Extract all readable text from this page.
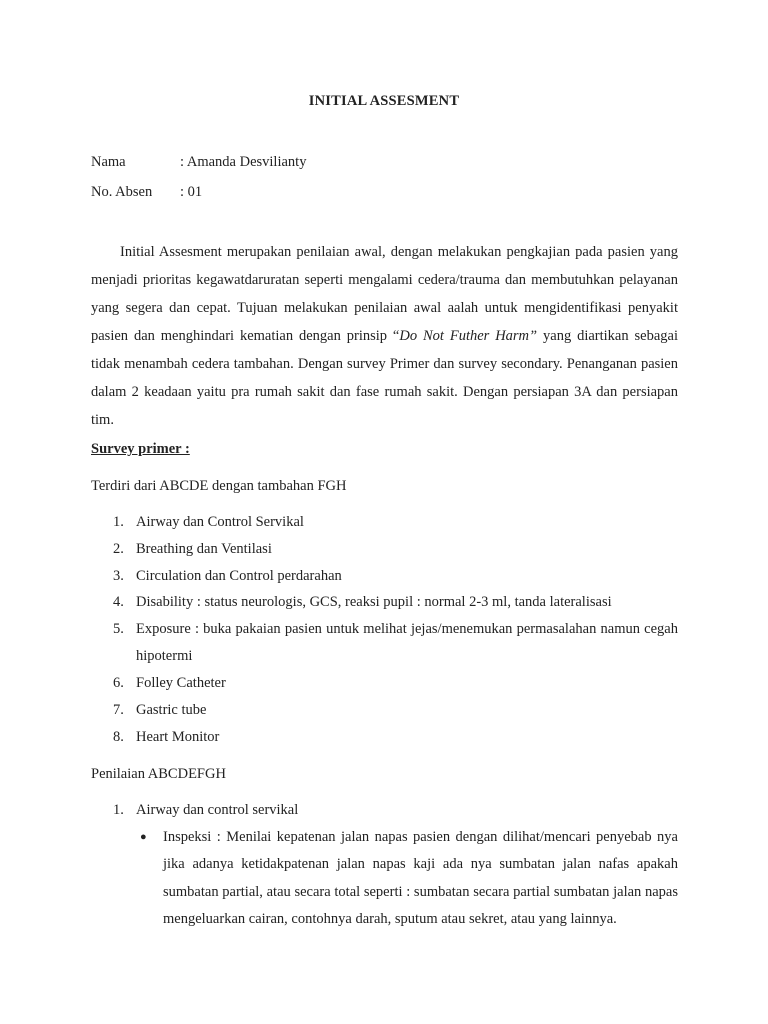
INITIAL ASSESMENT
Nama	: Amanda Desvilianty
No. Absen : 01
Initial Assesment merupakan penilaian awal, dengan melakukan pengkajian pada pasien yang menjadi prioritas kegawatdaruratan seperti mengalami cedera/trauma dan membutuhkan pelayanan yang segera dan cepat. Tujuan melakukan penilaian awal aalah untuk mengidentifikasi penyakit pasien dan menghindari kematian dengan prinsip “Do Not Futher Harm” yang diartikan sebagai tidak menambah cedera tambahan. Dengan survey Primer dan survey secondary. Penanganan pasien dalam 2 keadaan yaitu pra rumah sakit dan fase rumah sakit. Dengan persiapan 3A dan persiapan tim.
Survey primer :
Terdiri dari ABCDE dengan tambahan FGH
1. Airway dan Control Servikal
2. Breathing dan Ventilasi
3. Circulation dan Control perdarahan
4. Disability : status neurologis, GCS, reaksi pupil : normal 2-3 ml, tanda lateralisasi
5. Exposure : buka pakaian pasien untuk melihat jejas/menemukan permasalahan namun cegah hipotermi
6. Folley Catheter
7. Gastric tube
8. Heart Monitor
Penilaian ABCDEFGH
1. Airway dan control servikal
● Inspeksi : Menilai kepatenan jalan napas pasien dengan dilihat/mencari penyebab nya jika adanya ketidakpatenan jalan napas kaji ada nya sumbatan jalan nafas apakah sumbatan partial, atau secara total seperti : sumbatan secara partial sumbatan jalan napas mengeluarkan cairan, contohnya darah, sputum atau sekret, atau yang lainnya.
